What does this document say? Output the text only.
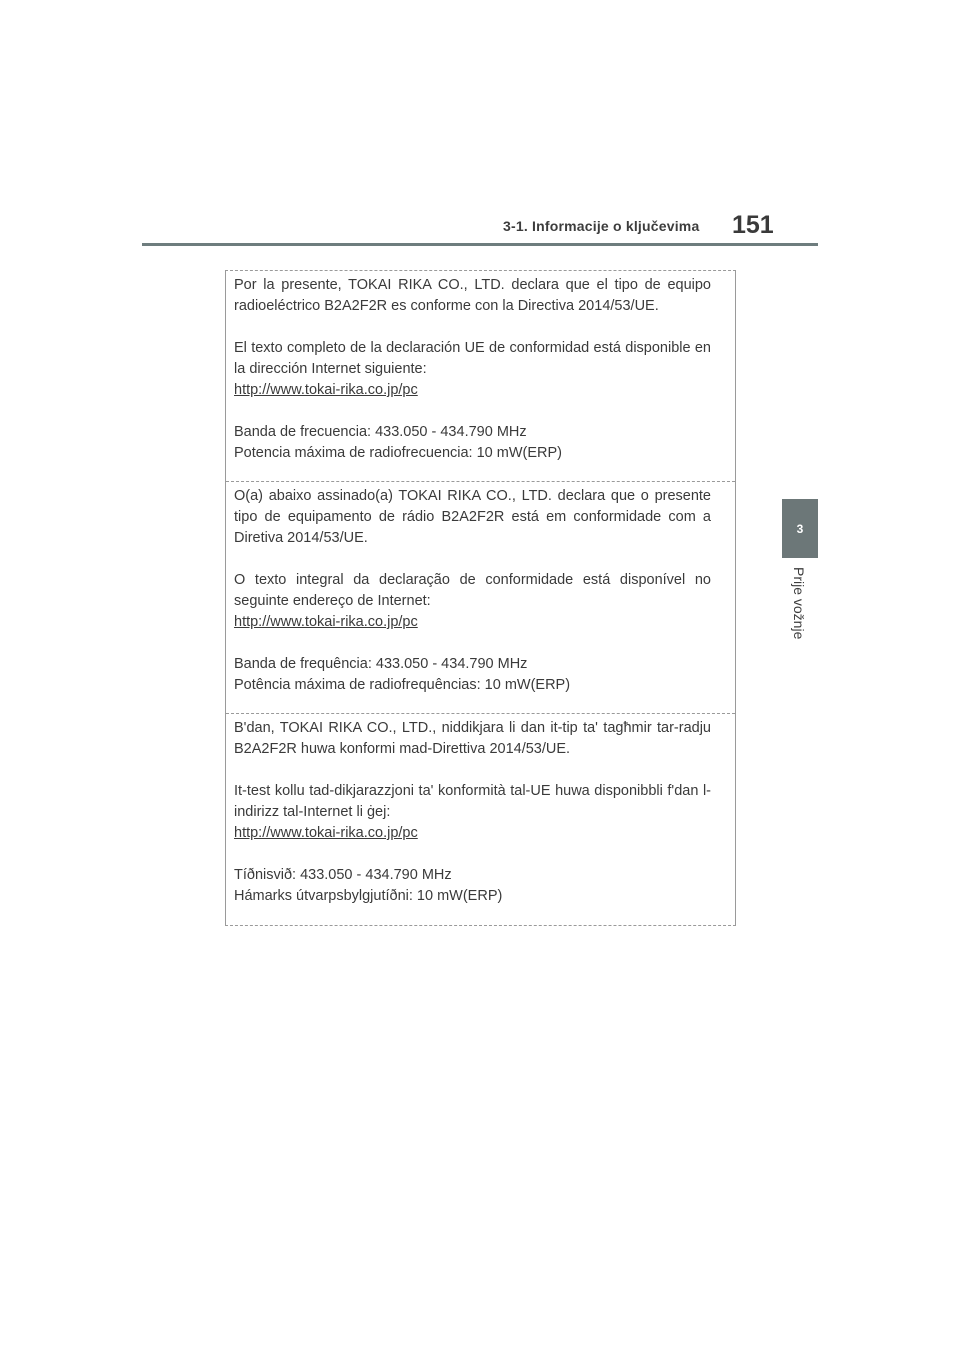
3-1. Informacije o ključevima 151
3
Prije vožnje

Por la presente, TOKAI RIKA CO., LTD. declara que el tipo de equipo radioeléctrico B2A2F2R es conforme con la Directiva 2014/53/UE.

El texto completo de la declaración UE de conformidad está disponible en la dirección Internet siguiente:

http://www.tokai-rika.co.jp/pc

Banda de frecuencia: 433.050 - 434.790 MHz

Potencia máxima de radiofrecuencia: 10 mW(ERP)

O(a) abaixo assinado(a) TOKAI RIKA CO., LTD. declara que o presente tipo de equipamento de rádio B2A2F2R está em conformidade com a Diretiva 2014/53/UE.

O texto integral da declaração de conformidade está disponível no seguinte endereço de Internet:

http://www.tokai-rika.co.jp/pc

Banda de frequência: 433.050 - 434.790 MHz

Potência máxima de radiofrequências: 10 mW(ERP)

B'dan, TOKAI RIKA CO., LTD., niddikjara li dan it-tip ta' tagħmir tar-radju B2A2F2R huwa konformi mad-Direttiva 2014/53/UE.

It-test kollu tad-dikjarazzjoni ta' konformità tal-UE huwa disponibbli f'dan l-indirizz tal-Internet li ġej:

http://www.tokai-rika.co.jp/pc

Tíðnisvið: 433.050 - 434.790 MHz

Hámarks útvarpsbylgjutíðni: 10 mW(ERP)
